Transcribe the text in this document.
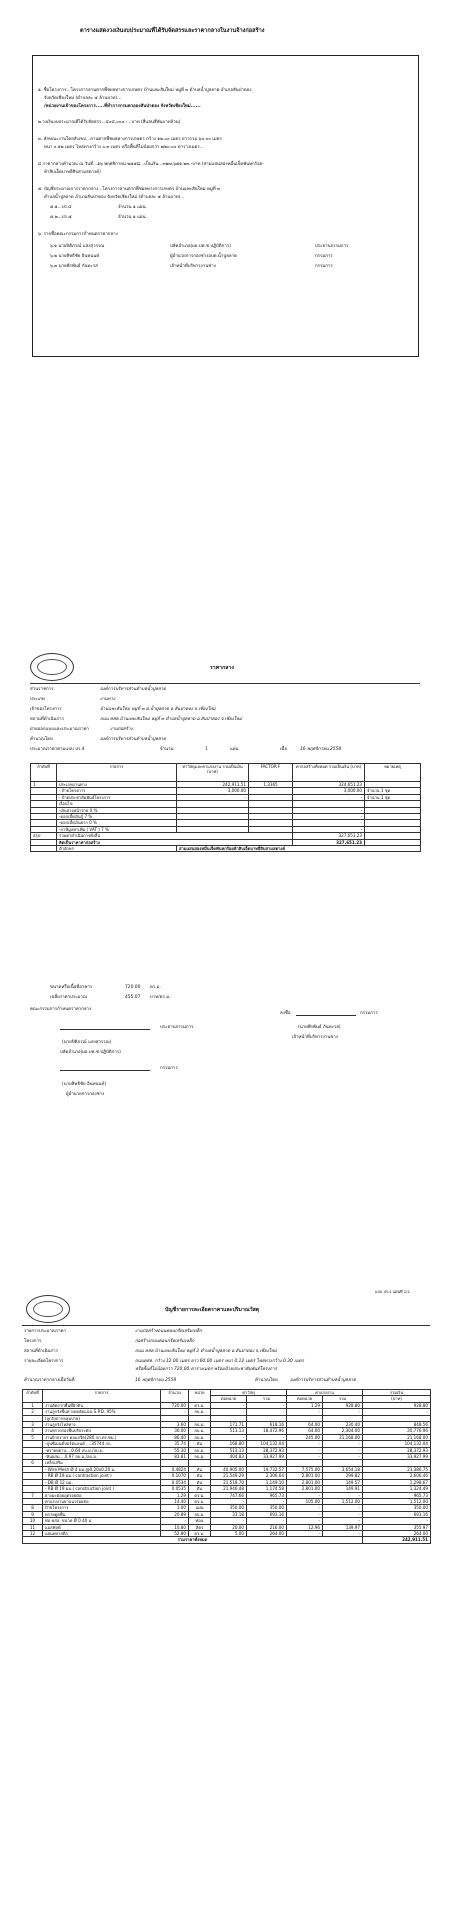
ตารางแสดงวงเงินงบประมาณที่ได้รับจัดสรรและราคากลางในงานจ้างก่อสร้าง
๑. ชื่อโครงการ...โครงการลานตากพืชผลทางการเกษตร บ้านแพะสันใหม่ หมู่ที่ ๓ ตำบลน้ำปูลลาด อำเภอสันป่าตอง
จังหวัดเชียงใหม่ (ตำบลละ ๕ ล้านบาท)...
/หน่วยงานเจ้าของโครงการ.....ที่ทำการกรมควอองสันป่าตอง จังหวัดเชียงใหม่......
๒.วงเงินงบประมาณที่ได้รับจัดสรร...๔๐๔,๐๐๐.-...บาท (สี่แสนสี่พันบาทถ้วน)
๓. ลักษณะงานโดยสังเขป...ลานตากพืชผลทางการเกษตร กว้าง ๑๒.๐๐ เมตร ยาวรวม ๖๐.๐๐ เมตร
หนา ๐.๑๒ เมตร ไหล่ทางกว้าง ๐.๓ เมตร หรือพื้นที่ไม่น้อยกว่า ๗๒๐.๐๐ ตารางเมตร...
๔.ราคากลางคำนวณ ณ วันที่...๑๖ พฤศจิกายน ๒๕๕๘...เป็นเงิน...๓๒๗,๖๕๑.๒๓.-บาท (สามแสนสองหมื่นเจ็ดพันหกร้อย-
ห้าสิบเอ็ดบาทยี่สิบสามสตางค์)
๕. บัญชีประมาณการราคากลาง...โครงการลานตากพืชผลทางการเกษตร บ้านแพะสันใหม่ หมู่ที่ ๓
ตำบลน้ำปูลลาด อำเภอสันป่าตอง จังหวัดเชียงใหม่ (ตำบลละ ๕ ล้านบาท)...
๕.๑...ปร.๔	จำนวน ๑ แผ่น.
๕.๒...ปร.๕	จำนวน ๑ แผ่น.
๖. รายชื่อคณะกรรมการกำหนดราคากลาง
๖.๑ นายปิติภรณ์ แสงสุวรรณ	ปลัดอำเภอ(ผอ.ปค.ช.ปฏิบัติการ)	ประธานกรรมการ
๖.๒ นายสิทธิชัย อินทนนท์	ผู้อำนวยการกองช่างอบต.น้ำปูลลาด	กรรมการ
๖.๓ นายพีรพันธ์ กันทะรส	เจ้าหน้าที่บริหารงานช่าง	กรรมการ
ราคากลาง
ส่วนราชการ	องค์การบริหารส่วนตำบลน้ำปูลลาด
ประเภท	งานทาง
เจ้าของโครงการ	บ้านแพะสันใหม่ หมู่ที่ ๓ ต.น้ำปูลลาด อ.สันป่าตอง จ.เชียงใหม่
สถานที่ดำเนินการ	ถนน คสล.บ้านแพะสันใหม่ หมู่ที่ ๓ ตำบลน้ำปูลลาด อ.สันป่าตอง จ.เชียงใหม่
ฝ่ายออกแบบและประมาณราคา	งานก่อสร้าง
คำนวณโดย	องค์การบริหารส่วนตำบลน้ำปูลลาด
ประมาณราคาตามแบบ ปร.4	จำนวน	1	แผ่น	เมื่อ	16 พฤศจิกายน 2558
ลำดับที่	รายการ	ค่าวัสดุและค่าแรงงาน รวมเป็นเงิน (บาท)	FACTOR F	ค่าก่อสร้างทั้งหมด รวมเป็นเงิน (บาท)	หมายเหตุ
1	ประเภทงานทาง	242,911.51	1.3365	324,651.23	
	- ป้ายโครงการ	3,000.00		3,000.00	จำนวน 1 ชุด
	- ป้ายประชาสัมพันธ์โครงการ	-		-	จำนวน 1 ชุด
	เงื่อนไข				
	-เงินล่วงหน้าจ่าย 0 %			-	
	-ดอกเบี้ยเงินกู้ 7 %			-	
	-ดอกเบี้ยเงินฝาก 0 %			-	
	-ภาษีมูลค่าเพิ่ม ( VAT ) 7 %			-	
สรุป	รวมค่าดำเนินการทั้งสิ้น			327,651.23	
	คิดเป็นราคาค่าก่อสร้าง			327,651.23	
	ตัวอักษร	สามแสนสองหมื่นเจ็ดพันหกร้อยห้าสิบเอ็ดบาทยี่สิบสามสตางค์			
ขนาดหรือเนื้อที่อาคาร	720.00 ตร.ม.
เฉลี่ยราคาประมาณ	455.07 บาท/ตร.ม.
คณะกรรมการกำหนดราคากลาง
ประธานกรรมการ
(นายปิติภรณ์ แสงสุวรรณ)
ปลัดอำเภอ(ผอ.ปค.ช.ปฏิบัติการ)
ลงชื่อ	กรรมการ
(นายพีรพันธ์ กันทะรส)
เจ้าหน้าที่บริหารงานช่าง
กรรมการ
(นายสิทธิชัย อินทนนท์)
ผู้อำนวยการกองช่าง
แบบ ปร.4 แผ่นที่ 1/1
บัญชีรายการละเอียดราคาและปริมาณวัสดุ
รายการประมาณราคา	งานก่อสร้างถนนคอนกรีตเสริมเหล็ก
โครงการ	ก่อสร้างถนนคอนกรีตเสริมเหล็ก
สถานที่ดำเนินการ	ถนน คสล.บ้านแพะสันใหม่ หมู่ที่ 3 ตำบลน้ำปูลลาด อ.สันป่าตอง จ.เชียงใหม่
รายละเอียดโครงการ	ถนนคสล. กว้าง 12.00 เมตร ยาว 60.00 เมตร หนา 0.12 เมตร ไหล่ทางกว้าง 0.30 เมตร
หรือพื้นที่ไม่น้อยกว่า 720.00 ตารางเมตร พร้อมป้ายประชาสัมพันธ์โครงการ
คำนวณราคากลางเมื่อวันที่	16 พฤศจิกายน 2558	คำนวณโดย	องค์การบริหารส่วนตำบลน้ำปูลลาด
ลำดับที่	รายการ	จำนวน	หน่วย	ค่าวัสดุ		ค่าแรงงาน		รวมเงิน
				ต่อหน่วย	รวม	ต่อหน่วย	รวม	(บาท)
1	งานตัดถากพื้นที่ผิวดิน	720.00	ตร.ม.	-	-	1.29	928.80	928.80
2	งานลูกรังพื้นทางบดอัดแน่น S.P.D. 95%	-	ลบ.ม.	-	-	-	-	-
	(ลูกรังปากหลุมปาย)							
3	งานลูกรังไหล่ทาง	3.60	ลบ.ม.	171.71	618.16	64.00	230.40	848.56
4	งานทรายรองพื้นปรับระดับ	36.00	ลบ.ม.	513.13	18,472.96	64.00	2,304.00	20,776.96
5	งานผิวจราจร คอนกรีต(280 กก.ตร.ซม.)	86.40	ลบ.ม.	-	-	245.00	21,168.00	21,168.00
	-ปูนซีเมนต์ปอร์ตแลนด์ ....35744 กก.	35.74	ตัน	168.80	104,132.04	-	-	104,132.04
	-ทรายหยาบ....0.64 ลบ.ม./ลบ.ม.	55.30	ลบ.ม.	513.13	28,372.93	-	-	28,372.93
	-หินผสม....0.97 ลบ.ม./ลบ.ม.	83.81	ลบ.ม.	404.83	33,927.99	-	-	33,927.99
6	เหล็กเสริม							
	- Wire Mesh Ø 4 มม.@0.20x0.20 ม.	0.4824	ตัน	40,905.00	19,732.57	7,575.00	3,654.18	23,386.75
	- RB Ø 19 มม.( contraction joint )	0.1070	ตัน	21,549.29	2,306.64	2,801.00	299.82	2,606.46
	- DB Ø 12 มม.	0.0534	ตัน	21,518.70	1,149.10	2,801.00	149.57	1,298.67
	- RB Ø 19 มม.( construction joint )	0.0535	ตัน	21,946.48	1,174.58	2,801.00	149.91	1,324.49
7	ยางมะตอยอุดรอยต่อ	1.29	ตร.ม.	747.66	965.73	-	-	965.73
	ค่าแรงงานยาแนวรอยต่อ	14.40	ตร.ม.	-	-	105.00	1,512.00	1,512.00
8	ป้ายโครงการ	1.00	แผ่น	350.00	350.00	-	-	350.00
9	ทรายดูดพื้น	20.89	ลบ.ม.	33.18	693.16	-	-	693.16
10	ท่อ คสล. ขนาด Ø 0.40 ม.	-	ท่อน	-	-	-	-	-
11	แอสฟัลท์	10.80	ลิตร	20.00	216.00	12.96	139.97	355.97
12	แผ่นพลาสติก	52.80	ตร.ม.	5.00	264.00	-	-	264.00
รวมราคาทั้งหมด								242,911.51
